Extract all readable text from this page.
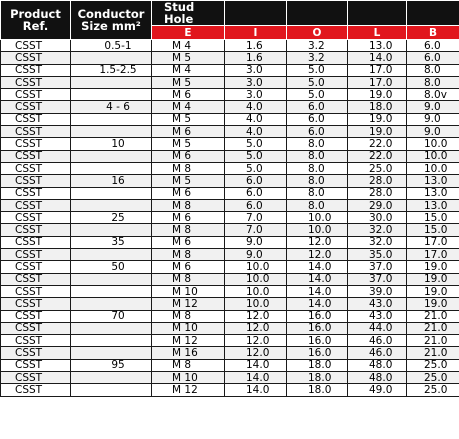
Product Ref.	Conductor
Size mm²	Stud Hole				
		E	I	O	L	B
CSST	0.5-1	M 4	1.6	3.2	13.0	6.0
CSST		M 5	1.6	3.2	14.0	6.0
CSST	1.5-2.5	M 4	3.0	5.0	17.0	8.0
CSST		M 5	3.0	5.0	17.0	8.0
CSST		M 6	3.0	5.0	19.0	8.0v
CSST	4 - 6	M 4	4.0	6.0	18.0	9.0
CSST		M 5	4.0	6.0	19.0	9.0
CSST		M 6	4.0	6.0	19.0	9.0
CSST	10	M 5	5.0	8.0	22.0	10.0
CSST		M 6	5.0	8.0	22.0	10.0
CSST		M 8	5.0	8.0	25.0	10.0
CSST	16	M 5	6.0	8.0	28.0	13.0
CSST		M 6	6.0	8.0	28.0	13.0
CSST		M 8	6.0	8.0	29.0	13.0
CSST	25	M 6	7.0	10.0	30.0	15.0
CSST		M 8	7.0	10.0	32.0	15.0
CSST	35	M 6	9.0	12.0	32.0	17.0
CSST		M 8	9.0	12.0	35.0	17.0
CSST	50	M 6	10.0	14.0	37.0	19.0
CSST		M 8	10.0	14.0	37.0	19.0
CSST		M 10	10.0	14.0	39.0	19.0
CSST		M 12	10.0	14.0	43.0	19.0
CSST	70	M 8	12.0	16.0	43.0	21.0
CSST		M 10	12.0	16.0	44.0	21.0
CSST		M 12	12.0	16.0	46.0	21.0
CSST		M 16	12.0	16.0	46.0	21.0
CSST	95	M 8	14.0	18.0	48.0	25.0
CSST		M 10	14.0	18.0	48.0	25.0
CSST		M 12	14.0	18.0	49.0	25.0
